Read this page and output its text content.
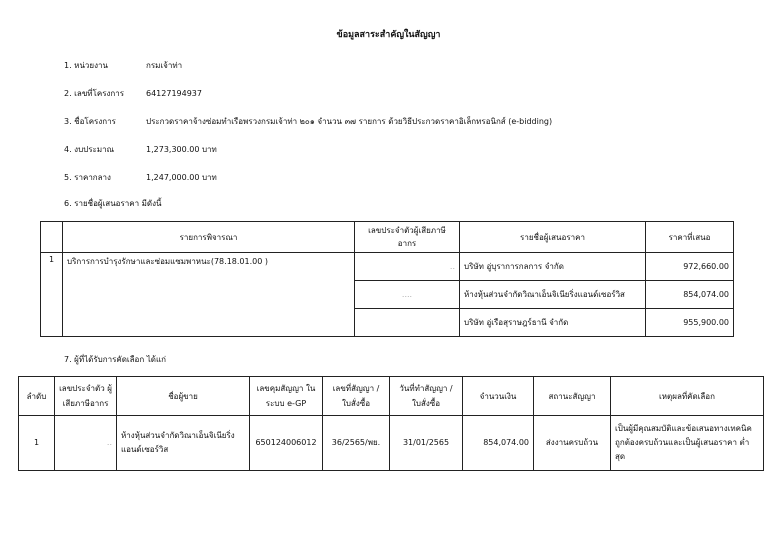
ข้อมูลสาระสำคัญในสัญญา
1. หน่วยงาน	กรมเจ้าท่า
2. เลขที่โครงการ	64127194937
3. ชื่อโครงการ	ประกวดราคาจ้างซ่อมทำเรือพรวงกรมเจ้าท่า ๒๐๑ จำนวน ๓๗ รายการ ด้วยวิธีประกวดราคาอิเล็กทรอนิกส์ (e-bidding)
4. งบประมาณ	1,273,300.00 บาท
5. ราคากลาง	1,247,000.00 บาท
6. รายชื่อผู้เสนอราคา มีดังนี้
	รายการพิจารณา	เลขประจำตัวผู้เสียภาษีอากร	รายชื่อผู้เสนอราคา	ราคาที่เสนอ
1	บริการการบำรุงรักษาและซ่อมแซมพาหนะ(78.18.01.00 )	..	บริษัท อู่บุราการกลการ จำกัด	972,660.00
		....	ห้างหุ้นส่วนจำกัดวิณาเอ็นจิเนียริ่งแอนด์เซอร์วิส	854,074.00
			บริษัท อู่เรือสุราษฎร์ธานี จำกัด	955,900.00
7. ผู้ที่ได้รับการคัดเลือก ได้แก่
ลำดับ	เลขประจำตัว ผู้เสียภาษีอากร	ชื่อผู้ขาย	เลขคุมสัญญา ในระบบ e-GP	เลขที่สัญญา / ใบสั่งซื้อ	วันที่ทำสัญญา / ใบสั่งซื้อ	จำนวนเงิน	สถานะสัญญา	เหตุผลที่คัดเลือก
1	..	ห้างหุ้นส่วนจำกัดวิณาเอ็นจิเนียริ่งแอนด์เซอร์วิส	650124006012	36/2565/พย.	31/01/2565	854,074.00	ส่งงานครบถ้วน	เป็นผู้มีคุณสมบัติและข้อเสนอทางเทคนิคถูกต้องครบถ้วนและเป็นผู้เสนอราคา ต่ำสุด
